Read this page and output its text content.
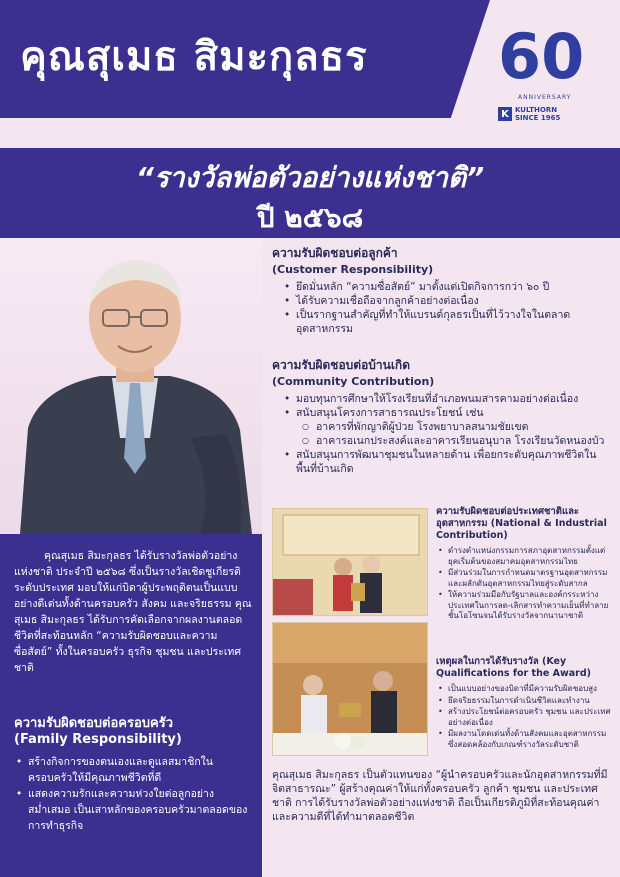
คุณสุเมธ สิมะกุลธร 60
ANNIVERSARY
K KULTHORN
SINCE 1965
“รางวัลพ่อตัวอย่างแห่งชาติ”
ปี ๒๕๖๘
ความรับผิดชอบต่อลูกค้า
(Customer Responsibility)
• ยึดมั่นหลัก “ความซื่อสัตย์” มาตั้งแต่เปิดกิจการกว่า ๖๐ ปี
• ได้รับความเชื่อถือจากลูกค้าอย่างต่อเนื่อง
• เป็นรากฐานสำคัญที่ทำให้แบรนด์กุลธรเป็นที่ไว้วางใจในตลาดอุตสาหกรรม
ความรับผิดชอบต่อบ้านเกิด
(Community Contribution)
• มอบทุนการศึกษาให้โรงเรียนที่อำเภอพนมสารคามอย่างต่อเนื่อง
• สนับสนุนโครงการสาธารณประโยชน์ เช่น
○ อาคารที่พักญาติผู้ป่วย โรงพยาบาลสนามชัยเขต
○ อาคารอเนกประสงค์และอาคารเรียนอนุบาล โรงเรียนวัดหนองบัว
• สนับสนุนการพัฒนาชุมชนในหลายด้าน เพื่อยกระดับคุณภาพชีวิตในพื้นที่บ้านเกิด
ความรับผิดชอบต่อประเทศชาติและอุตสาหกรรม (National & Industrial Contribution)
• ดำรงตำแหน่งกรรมการสภาอุตสาหกรรมตั้งแต่ยุคเริ่มต้นของสมาคมอุตสาหกรรมไทย
• มีส่วนร่วมในการกำหนดมาตรฐานอุตสาหกรรม และผลักดันอุตสาหกรรมไทยสู่ระดับสากล
• ให้ความร่วมมือกับรัฐบาลและองค์กรระหว่างประเทศในการลด-เลิกสารทำความเย็นที่ทำลายชั้นโอโซนจนได้รับรางวัลจากนานาชาติ
เหตุผลในการได้รับรางวัล (Key Qualifications for the Award)
• เป็นแบบอย่างของบิดาที่มีความรับผิดชอบสูง
• ยึดจริยธรรมในการดำเนินชีวิตและทำงาน
• สร้างประโยชน์ต่อครอบครัว ชุมชน และประเทศอย่างต่อเนื่อง
• มีผลงานโดดเด่นทั้งด้านสังคมและอุตสาหกรรม ซึ่งสอดคล้องกับเกณฑ์รางวัลระดับชาติ
คุณสุเมธ สิมะกุลธร ได้รับรางวัลพ่อตัวอย่างแห่งชาติ ประจำปี ๒๕๖๘ ซึ่งเป็นรางวัลเชิดชูเกียรติระดับประเทศ มอบให้แก่บิดาผู้ประพฤติตนเป็นแบบอย่างดีเด่นทั้งด้านครอบครัว สังคม และจริยธรรม คุณสุเมธ สิมะกุลธร ได้รับการคัดเลือกจากผลงานตลอดชีวิตที่สะท้อนหลัก “ความรับผิดชอบและความซื่อสัตย์” ทั้งในครอบครัว ธุรกิจ ชุมชน และประเทศชาติ
ความรับผิดชอบต่อครอบครัว
(Family Responsibility)
• สร้างกิจการของตนเองและดูแลสมาชิกในครอบครัวให้มีคุณภาพชีวิตที่ดี
• แสดงความรักและความห่วงใยต่อลูกอย่างสม่ำเสมอ เป็นเสาหลักของครอบครัวมาตลอดของการทำธุรกิจ
คุณสุเมธ สิมะกุลธร เป็นตัวแทนของ “ผู้นำครอบครัวและนักอุตสาหกรรมที่มีจิตสาธารณะ” ผู้สร้างคุณค่าให้แก่ทั้งครอบครัว ลูกค้า ชุมชน และประเทศชาติ การได้รับรางวัลพ่อตัวอย่างแห่งชาติ ถือเป็นเกียรติภูมิที่สะท้อนคุณค่าและความดีที่ได้ทำมาตลอดชีวิต
